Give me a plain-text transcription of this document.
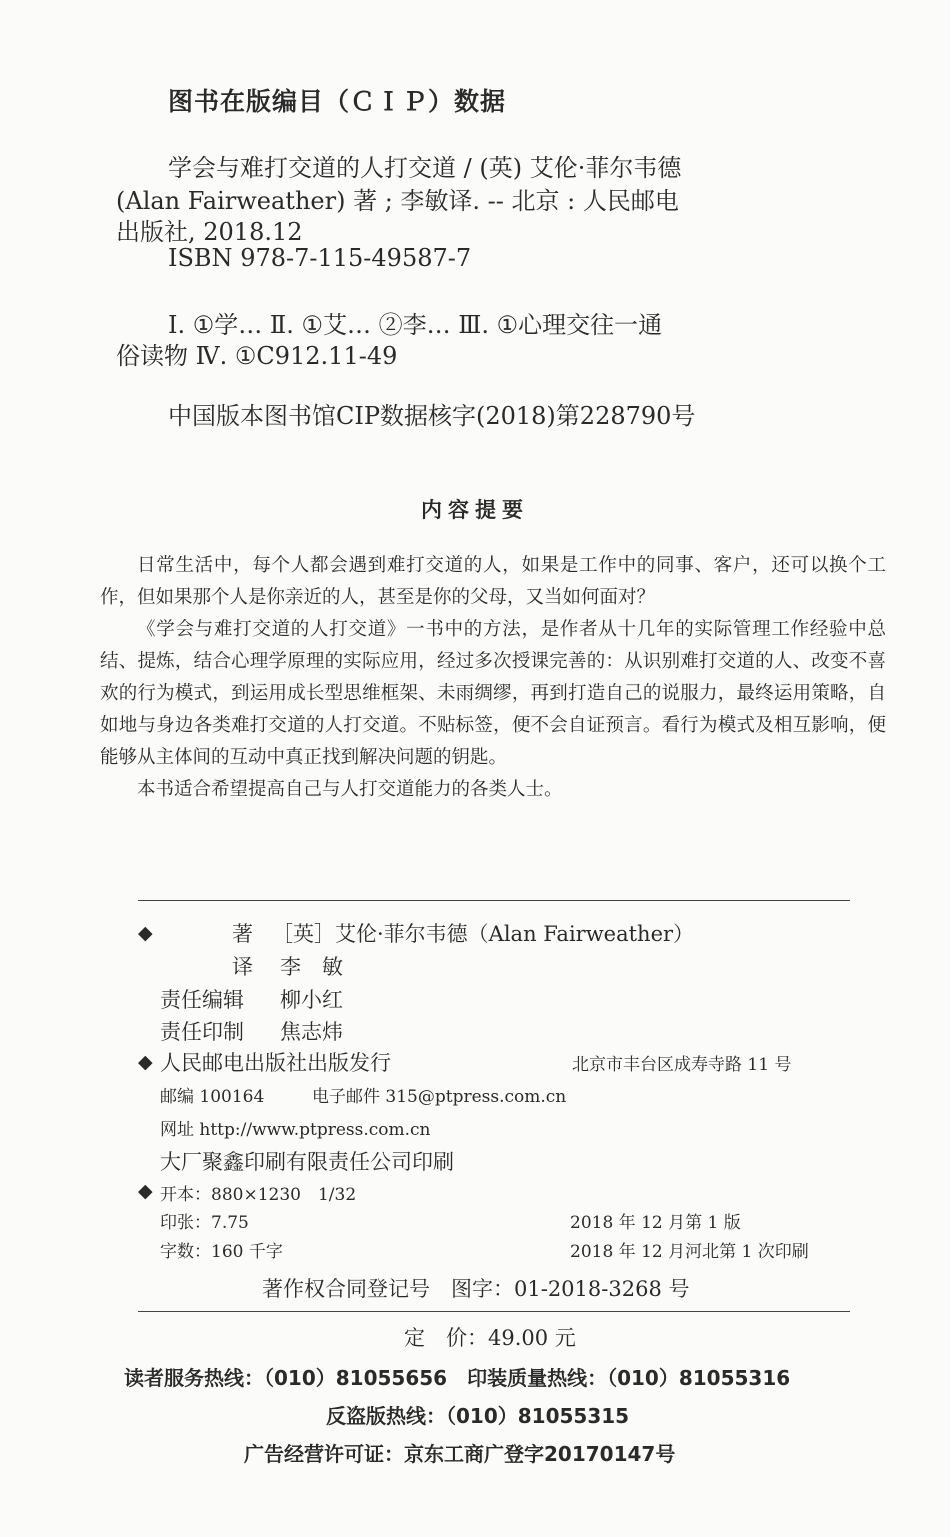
图书在版编目（ＣＩＰ）数据
学会与难打交道的人打交道 / (英) 艾伦·菲尔韦德
(Alan Fairweather) 著 ; 李敏译. -- 北京 : 人民邮电
出版社, 2018.12
ISBN 978-7-115-49587-7
Ⅰ. ①学… Ⅱ. ①艾… ②李… Ⅲ. ①心理交往一通
俗读物 Ⅳ. ①C912.11-49
中国版本图书馆CIP数据核字(2018)第228790号
内容提要

日常生活中，每个人都会遇到难打交道的人，如果是工作中的同事、客户，还可以换个工作，但如果那个人是你亲近的人，甚至是你的父母，又当如何面对？

《学会与难打交道的人打交道》一书中的方法，是作者从十几年的实际管理工作经验中总结、提炼，结合心理学原理的实际应用，经过多次授课完善的：从识别难打交道的人、改变不喜欢的行为模式，到运用成长型思维框架、未雨绸缪，再到打造自己的说服力，最终运用策略，自如地与身边各类难打交道的人打交道。不贴标签，便不会自证预言。看行为模式及相互影响，便能够从主体间的互动中真正找到解决问题的钥匙。

本书适合希望提高自己与人打交道能力的各类人士。

◆	著 ［英］艾伦·菲尔韦德（Alan Fairweather）
译 李　敏
责任编辑 柳小红
责任印制 焦志炜
◆ 人民邮电出版社出版发行	北京市丰台区成寿寺路 11 号
邮编 100164	电子邮件 315@ptpress.com.cn
网址 http://www.ptpress.com.cn
大厂聚鑫印刷有限责任公司印刷
◆ 开本：880×1230　1/32
印张：7.75	2018 年 12 月第 1 版
字数：160 千字	2018 年 12 月河北第 1 次印刷
著作权合同登记号　图字：01-2018-3268 号
定　价：49.00 元
读者服务热线：（010）81055656　印装质量热线：（010）81055316
反盗版热线：（010）81055315
广告经营许可证：京东工商广登字20170147号
